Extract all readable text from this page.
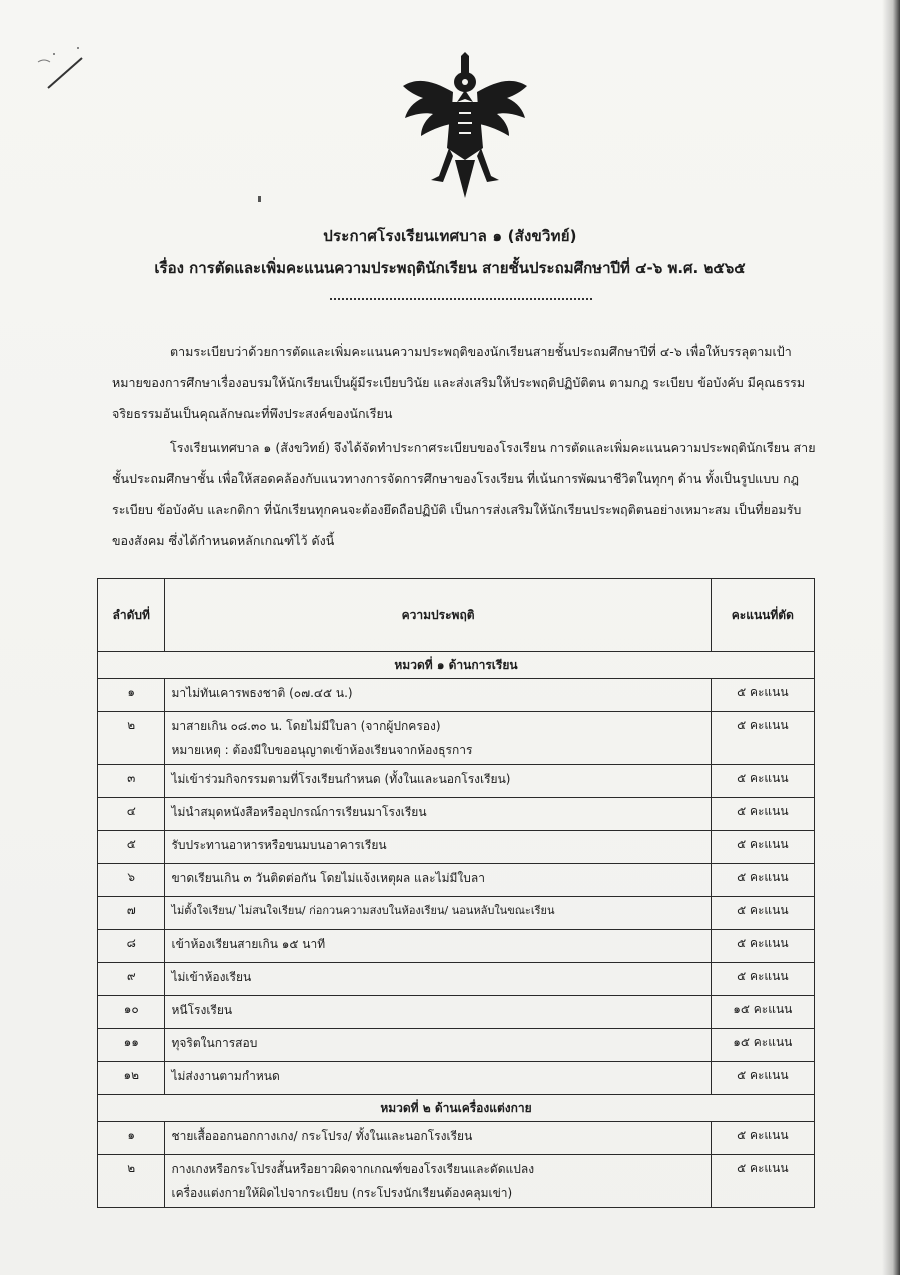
ประกาศโรงเรียนเทศบาล ๑ (สังขวิทย์)
เรื่อง การตัดและเพิ่มคะแนนความประพฤตินักเรียน สายชั้นประถมศึกษาปีที่ ๔-๖ พ.ศ. ๒๕๖๕
ตามระเบียบว่าด้วยการตัดและเพิ่มคะแนนความประพฤติของนักเรียนสายชั้นประถมศึกษาปีที่ ๔-๖ เพื่อให้บรรลุตามเป้าหมายของการศึกษาเรื่องอบรมให้นักเรียนเป็นผู้มีระเบียบวินัย และส่งเสริมให้ประพฤติปฏิบัติตน ตามกฎ ระเบียบ ข้อบังคับ มีคุณธรรม จริยธรรมอันเป็นคุณลักษณะที่พึงประสงค์ของนักเรียน
โรงเรียนเทศบาล ๑ (สังขวิทย์) จึงได้จัดทำประกาศระเบียบของโรงเรียน การตัดและเพิ่มคะแนนความประพฤตินักเรียน สายชั้นประถมศึกษาชั้น เพื่อให้สอดคล้องกับแนวทางการจัดการศึกษาของโรงเรียน ที่เน้นการพัฒนาชีวิตในทุกๆ ด้าน ทั้งเป็นรูปแบบ กฎระเบียบ ข้อบังคับ และกติกา ที่นักเรียนทุกคนจะต้องยึดถือปฏิบัติ เป็นการส่งเสริมให้นักเรียนประพฤติตนอย่างเหมาะสม เป็นที่ยอมรับของสังคม ซึ่งได้กำหนดหลักเกณฑ์ไว้ ดังนี้
ลำดับที่	ความประพฤติ	คะแนนที่ตัด
หมวดที่ ๑ ด้านการเรียน		
๑	มาไม่ทันเคารพธงชาติ (๐๗.๔๕ น.)	๕ คะแนน
๒	มาสายเกิน ๐๘.๓๐ น. โดยไม่มีใบลา (จากผู้ปกครอง)
หมายเหตุ : ต้องมีใบขออนุญาตเข้าห้องเรียนจากห้องธุรการ	๕ คะแนน
๓	ไม่เข้าร่วมกิจกรรมตามที่โรงเรียนกำหนด (ทั้งในและนอกโรงเรียน)	๕ คะแนน
๔	ไม่นำสมุดหนังสือหรืออุปกรณ์การเรียนมาโรงเรียน	๕ คะแนน
๕	รับประทานอาหารหรือขนมบนอาคารเรียน	๕ คะแนน
๖	ขาดเรียนเกิน ๓ วันติดต่อกัน โดยไม่แจ้งเหตุผล และไม่มีใบลา	๕ คะแนน
๗	ไม่ตั้งใจเรียน/ ไม่สนใจเรียน/ ก่อกวนความสงบในห้องเรียน/ นอนหลับในขณะเรียน	๕ คะแนน
๘	เข้าห้องเรียนสายเกิน ๑๕ นาที	๕ คะแนน
๙	ไม่เข้าห้องเรียน	๕ คะแนน
๑๐	หนีโรงเรียน	๑๕ คะแนน
๑๑	ทุจริตในการสอบ	๑๕ คะแนน
๑๒	ไม่ส่งงานตามกำหนด	๕ คะแนน
หมวดที่ ๒ ด้านเครื่องแต่งกาย		
๑	ชายเสื้อออกนอกกางเกง/ กระโปรง/ ทั้งในและนอกโรงเรียน	๕ คะแนน
๒	กางเกงหรือกระโปรงสั้นหรือยาวผิดจากเกณฑ์ของโรงเรียนและดัดแปลง
เครื่องแต่งกายให้ผิดไปจากระเบียบ (กระโปรงนักเรียนต้องคลุมเข่า)	๕ คะแนน
